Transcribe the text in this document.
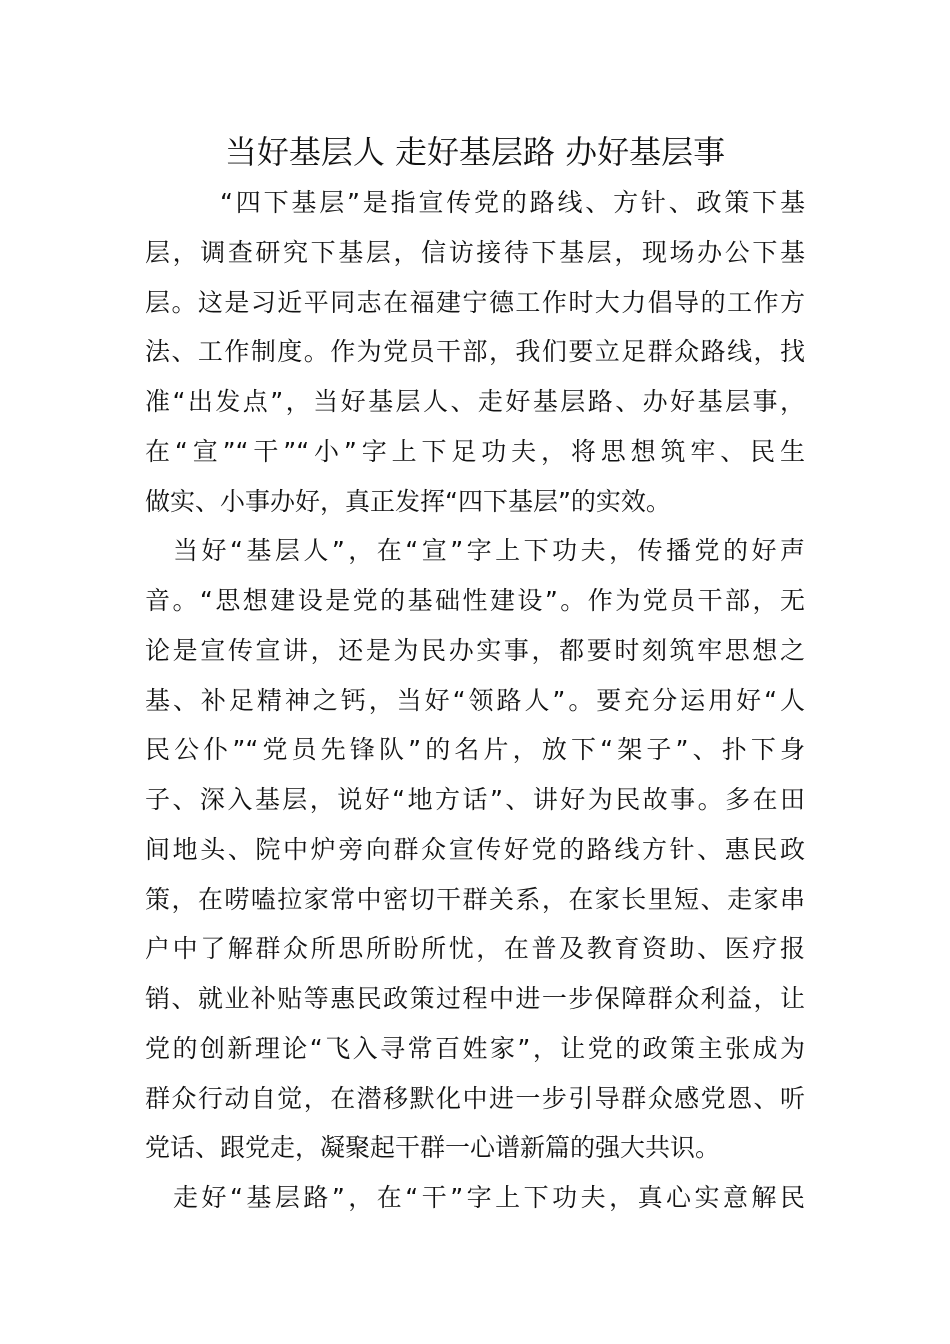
当好基层人 走好基层路 办好基层事
“四下基层”是指宣传党的路线、方针、政策下基
层，调查研究下基层，信访接待下基层，现场办公下基
层。这是习近平同志在福建宁德工作时大力倡导的工作方
法、工作制度。作为党员干部，我们要立足群众路线，找
准“出发点”，当好基层人、走好基层路、办好基层事，
在“宣”“干”“小”字上下足功夫，将思想筑牢、民生
做实、小事办好，真正发挥“四下基层”的实效。
当好“基层人”，在“宣”字上下功夫，传播党的好声
音。“思想建设是党的基础性建设”。作为党员干部，无
论是宣传宣讲，还是为民办实事，都要时刻筑牢思想之
基、补足精神之钙，当好“领路人”。要充分运用好“人
民公仆”“党员先锋队”的名片，放下“架子”、扑下身
子、深入基层，说好“地方话”、讲好为民故事。多在田
间地头、院中炉旁向群众宣传好党的路线方针、惠民政
策，在唠嗑拉家常中密切干群关系，在家长里短、走家串
户中了解群众所思所盼所忧，在普及教育资助、医疗报
销、就业补贴等惠民政策过程中进一步保障群众利益，让
党的创新理论“飞入寻常百姓家”，让党的政策主张成为
群众行动自觉，在潜移默化中进一步引导群众感党恩、听
党话、跟党走，凝聚起干群一心谱新篇的强大共识。
走好“基层路”，在“干”字上下功夫，真心实意解民
